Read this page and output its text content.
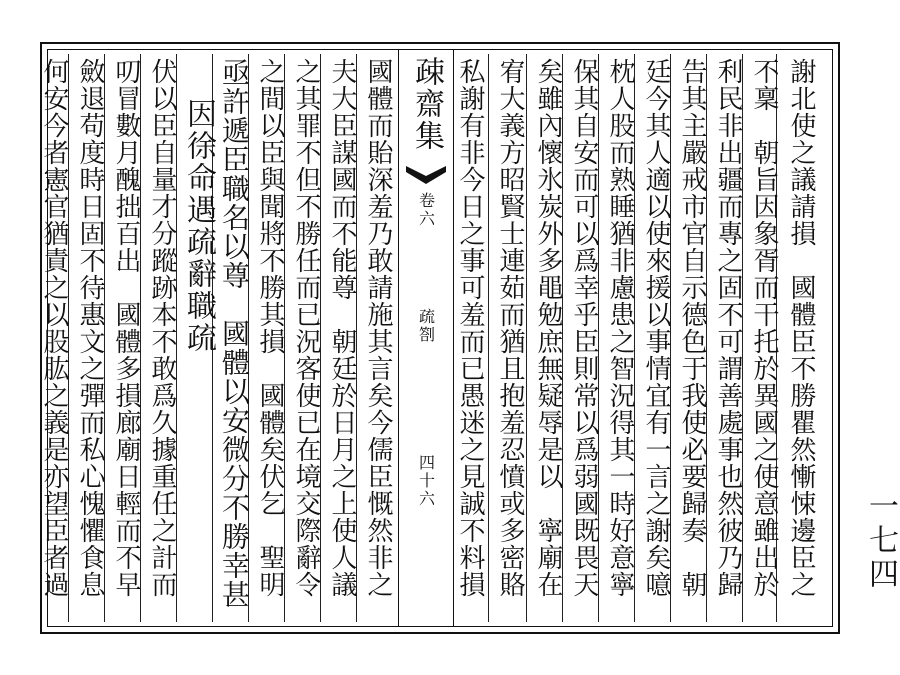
謝北使之議請損　國體臣不勝瞿然慚悚邊臣之
不稟　朝旨因象胥而干托於異國之使意雖出於
利民非出疆而專之固不可謂善處事也然彼乃歸
告其主嚴戒市官自示德色于我使必要歸奏　朝
廷今其人適以使來援以事情宜有一言之謝矣噫
枕人股而熟睡猶非慮患之智況得其一時好意寧
保其自安而可以爲幸乎臣則常以爲弱國既畏天
矣雖內懷氷炭外多黽勉庶無疑辱是以　寧廟在
宥大義方昭賢士連茹而猶且抱羞忍憤或多密賂
私謝有非今日之事可羞而已愚迷之見誠不料損
疎齋集
卷六
疏劄
四十六
國體而貽深羞乃敢請施其言矣今儒臣慨然非之
夫大臣謀國而不能尊　朝廷於日月之上使人議
之其罪不但不勝任而已況客使已在境交際辭令
之間以臣與聞將不勝其損　國體矣伏乞　聖明
亟許遞臣職名以尊　國體以安微分不勝幸甚
因徐命遇疏辭職疏
伏以臣自量才分蹤跡本不敢爲久據重任之計而
叨冒數月醜拙百出　國體多損廊廟日輕而不早
斂退苟度時日固不待惠文之彈而私心愧懼食息
何安今者憲官猶責之以股肱之義是亦望臣者過	一七四
